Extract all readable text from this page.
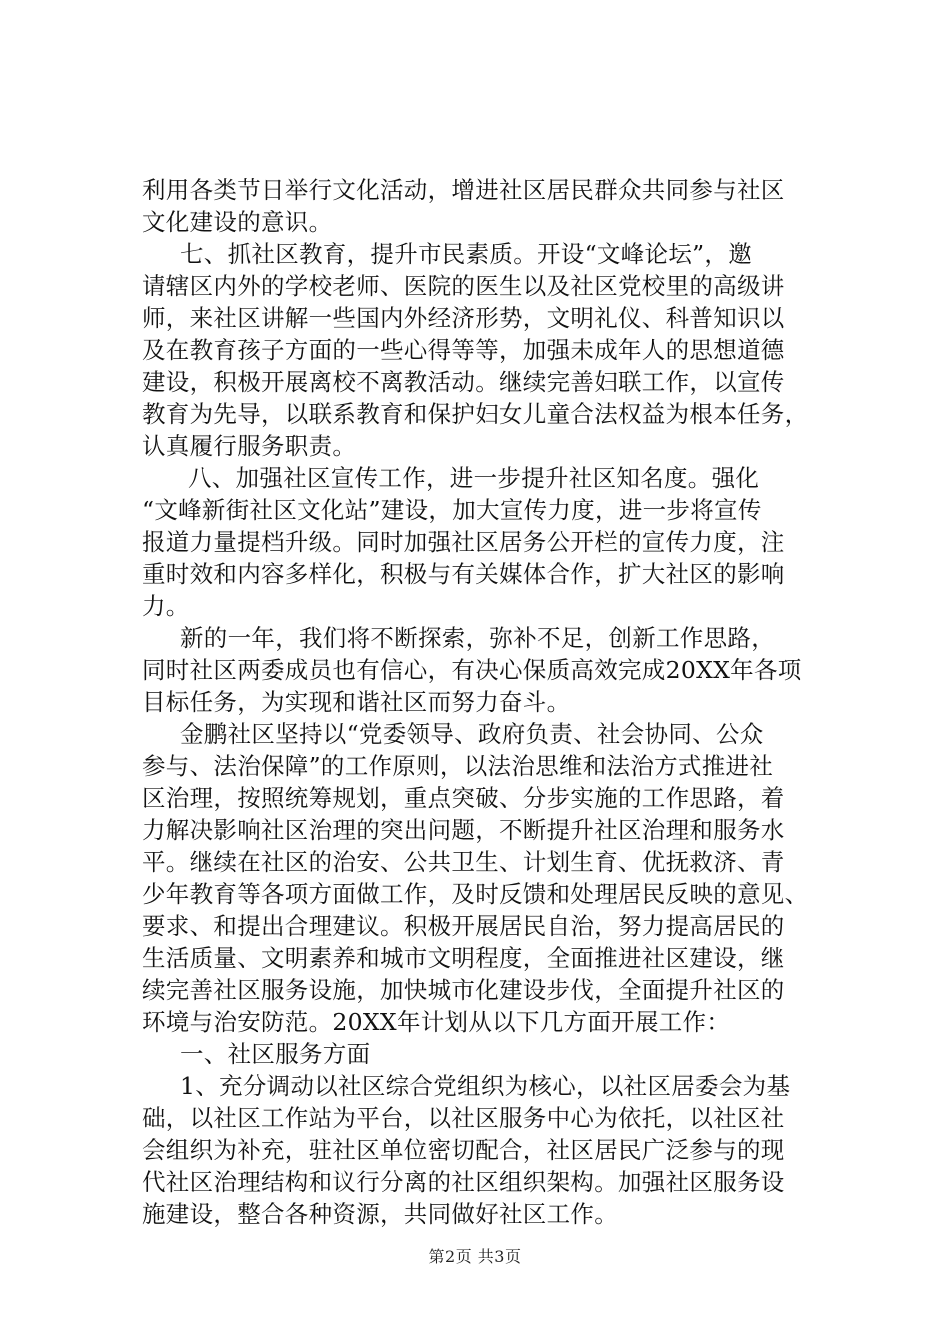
利用各类节日举行文化活动，增进社区居民群众共同参与社区
文化建设的意识。
七、抓社区教育，提升市民素质。开设“文峰论坛”，邀
请辖区内外的学校老师、医院的医生以及社区党校里的高级讲
师，来社区讲解一些国内外经济形势，文明礼仪、科普知识以
及在教育孩子方面的一些心得等等，加强未成年人的思想道德
建设，积极开展离校不离教活动。继续完善妇联工作，以宣传
教育为先导，以联系教育和保护妇女儿童合法权益为根本任务，
认真履行服务职责。
八、加强社区宣传工作，进一步提升社区知名度。强化
“文峰新街社区文化站”建设，加大宣传力度，进一步将宣传
报道力量提档升级。同时加强社区居务公开栏的宣传力度，注
重时效和内容多样化，积极与有关媒体合作，扩大社区的影响
力。
新的一年，我们将不断探索，弥补不足，创新工作思路，
同时社区两委成员也有信心，有决心保质高效完成20XX年各项
目标任务，为实现和谐社区而努力奋斗。
金鹏社区坚持以“党委领导、政府负责、社会协同、公众
参与、法治保障”的工作原则，以法治思维和法治方式推进社
区治理，按照统筹规划，重点突破、分步实施的工作思路，着
力解决影响社区治理的突出问题，不断提升社区治理和服务水
平。继续在社区的治安、公共卫生、计划生育、优抚救济、青
少年教育等各项方面做工作，及时反馈和处理居民反映的意见、
要求、和提出合理建议。积极开展居民自治，努力提高居民的
生活质量、文明素养和城市文明程度，全面推进社区建设，继
续完善社区服务设施，加快城市化建设步伐，全面提升社区的
环境与治安防范。20XX年计划从以下几方面开展工作：
一、社区服务方面
1、充分调动以社区综合党组织为核心，以社区居委会为基
础，以社区工作站为平台，以社区服务中心为依托，以社区社
会组织为补充，驻社区单位密切配合，社区居民广泛参与的现
代社区治理结构和议行分离的社区组织架构。加强社区服务设
施建设，整合各种资源，共同做好社区工作。
第2页 共3页
